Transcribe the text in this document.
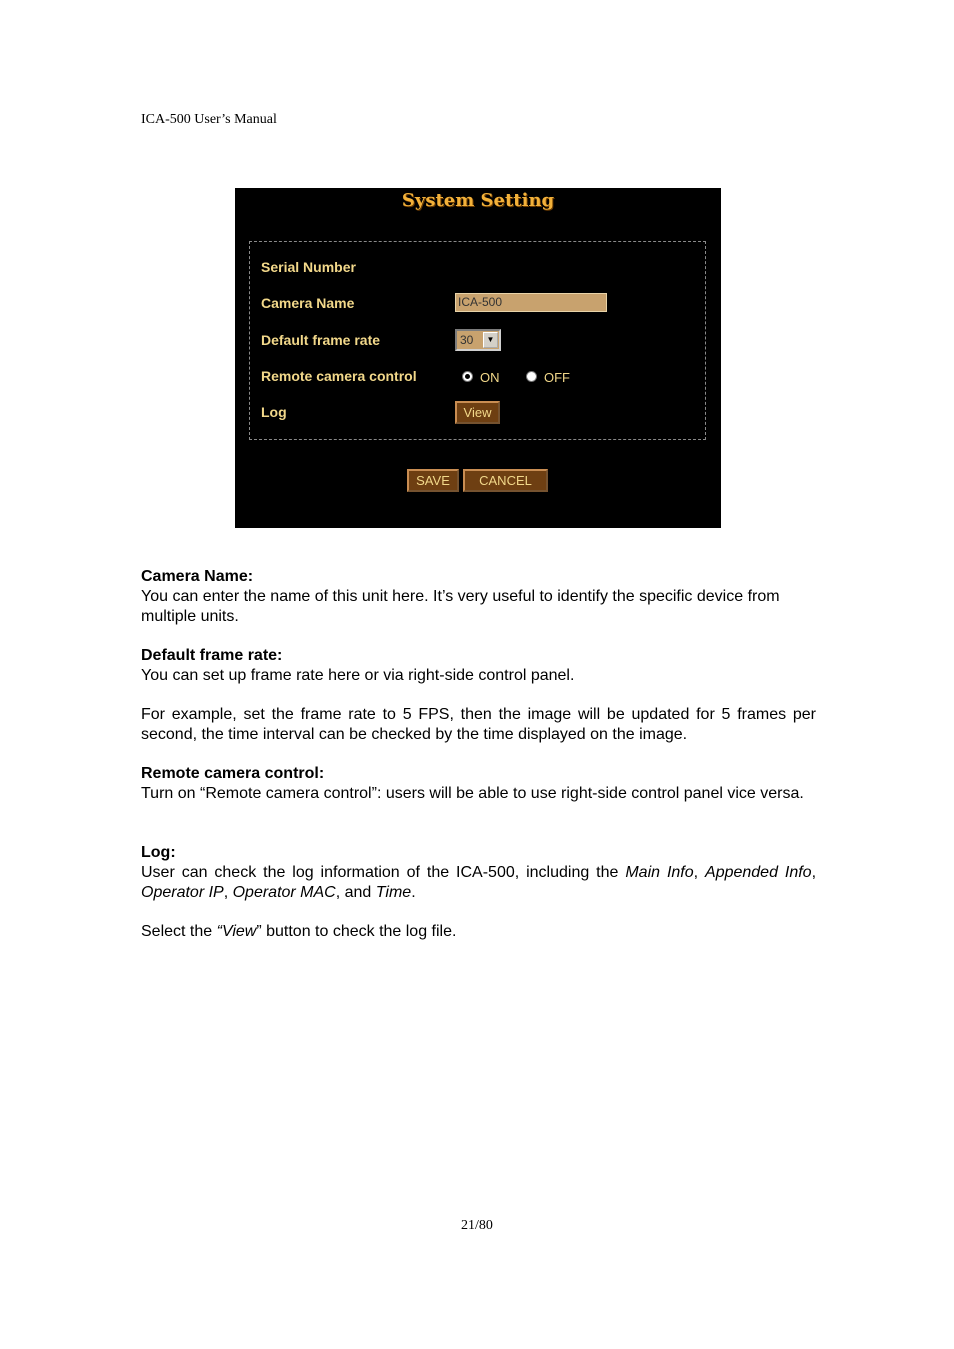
ICA-500 User’s Manual
System Setting
Serial Number
Camera Name	ICA-500
Default frame rate	30	▼
Remote camera control	ON	OFF
Log	View
SAVE	CANCEL

Camera Name:

You can enter the name of this unit here. It’s very useful to identify the specific device from multiple units.

Default frame rate:

You can set up frame rate here or via right-side control panel.

For example, set the frame rate to 5 FPS, then the image will be updated for 5 frames per second, the time interval can be checked by the time displayed on the image.

Remote camera control:

Turn on “Remote camera control”: users will be able to use right-side control panel vice versa.

Log:

User can check the log information of the ICA-500, including the Main Info, Appended Info, Operator IP, Operator MAC, and Time.

Select the “View” button to check the log file.

21/80
